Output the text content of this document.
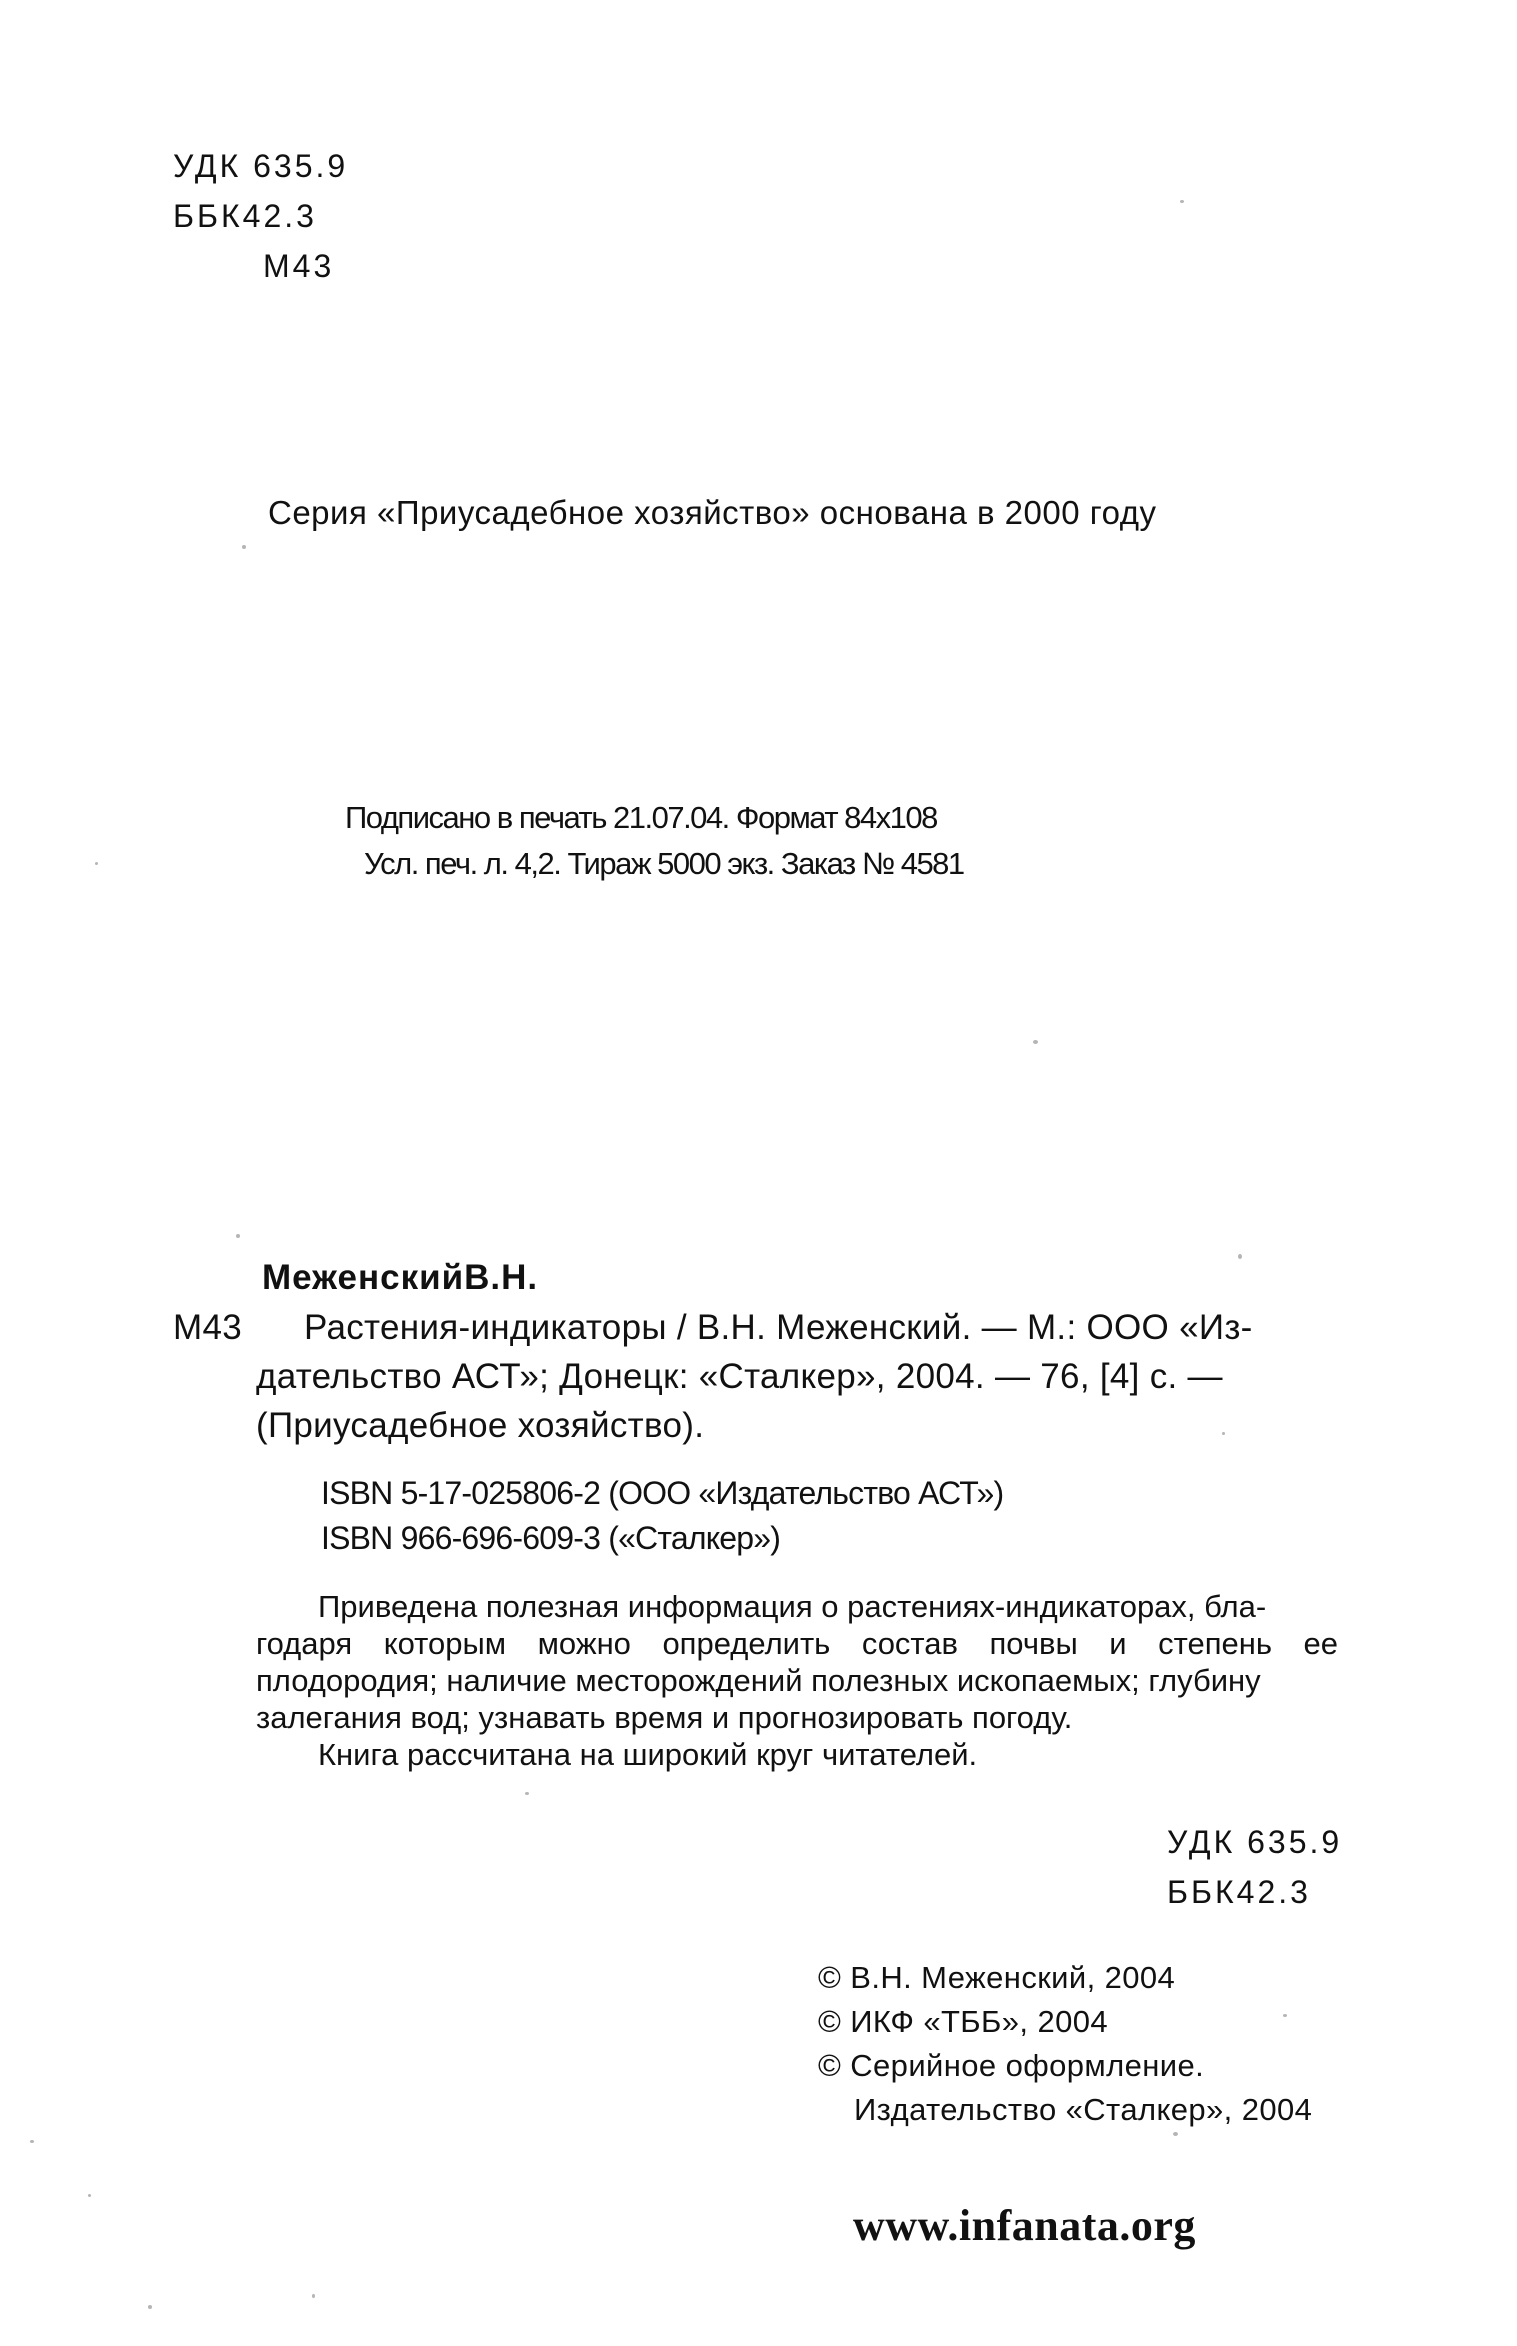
УДК 635.9
ББК42.3
М43
Серия «Приусадебное хозяйство» основана в 2000 году
Подписано в печать 21.07.04. Формат 84x108
Усл. печ. л. 4,2. Тираж 5000 экз. Заказ № 4581
МеженскийВ.Н.
М43 Растения-индикаторы / В.Н. Меженский. — М.: ООО «Из-
дательство АСТ»; Донецк: «Сталкер», 2004. — 76, [4] с. —
(Приусадебное хозяйство).
ISBN 5-17-025806-2 (ООО «Издательство АСТ»)
ISBN 966-696-609-3 («Сталкер»)
Приведена полезная информация о растениях-индикаторах, бла-
годаря которым можно определить состав почвы и степень ее
плодородия; наличие месторождений полезных ископаемых; глубину
залегания вод; узнавать время и прогнозировать погоду.
Книга рассчитана на широкий круг читателей.
УДК 635.9
ББК42.3
© В.Н. Меженский, 2004
© ИКФ «ТББ», 2004
© Серийное оформление.
Издательство «Сталкер», 2004
www.infanata.org
